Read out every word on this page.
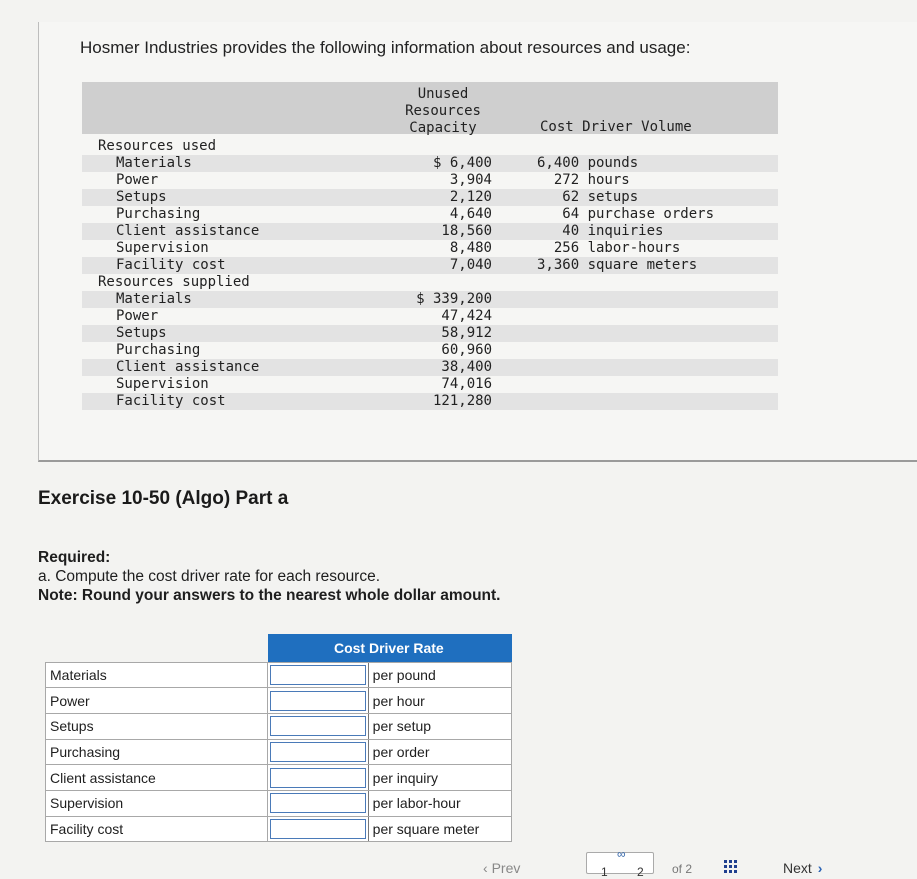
Hosmer Industries provides the following information about resources and usage:
Unused
Resources
Capacity	Cost Driver Volume
Resources used
Materials	$ 6,400	6,400 pounds
Power	3,904	272 hours
Setups	2,120	62 setups
Purchasing	4,640	64 purchase orders
Client assistance	18,560	40 inquiries
Supervision	8,480	256 labor-hours
Facility cost	7,040	3,360 square meters
Resources supplied
Materials	$ 339,200
Power	47,424
Setups	58,912
Purchasing	60,960
Client assistance	38,400
Supervision	74,016
Facility cost	121,280
Exercise 10-50 (Algo) Part a
Required:
a. Compute the cost driver rate for each resource.
Note: Round your answers to the nearest whole dollar amount.
	Cost Driver Rate	
Materials		per pound
Power		per hour
Setups		per setup
Purchasing		per order
Client assistance		per inquiry
Supervision		per labor-hour
Facility cost		per square meter
‹ Prev
∞
1 2 of 2	Next ›
